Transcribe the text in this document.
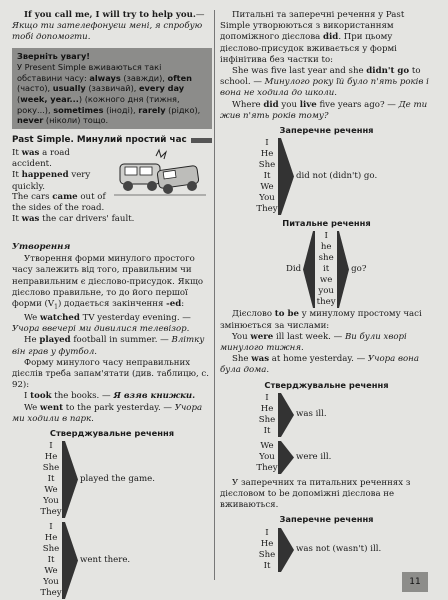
If you call me, I will try to help you.— Якщо ти зателефонуєш мені, я спробую тобі допомогти.

Зверніть увагу!
У Present Simple вживаються такі обставини часу: always (завжди), often (часто), usually (зазвичай), every day (week, year...) (кожного дня (тижня, року...), sometimes (іноді), rarely (рідко), never (ніколи) тощо.
Past Simple. Минулий простий час

It was a road accident.

It happened very quickly.

The cars came out of the sides of the road.

It was the car drivers' fault.

Утворення

Утворення форми минулого простого часу залежить від того, правильним чи неправильним є дієслово-присудок. Якщо дієслово правильне, то до його першої форми $(V_1)$ додається закінчення -ed:

We watched TV yesterday evening. — Учора ввечері ми дивилися телевізор.

He played football in summer. — Влітку він грав у футбол.

Форму минулого часу неправильних дієслів треба запам'ятати (див. таблицю, с. 92):

I took the books. — Я взяв книжки.

We went to the park yesterday. — Учора ми ходили в парк.

Стверджувальне речення
I
He
She
It
We
You
They
played the game.
I
He
She
It
We
You
They
went there.

Питальні та заперечні речення у Past Simple утворюються з використанням допоміжного дієслова did. При цьому дієслово-присудок вживається у формі інфінітива без частки to:

She was five last year and she didn't go to school. — Минулого року їй було п'ять років і вона не ходила до школи.

Where did you live five years ago? — Де ти жив п'ять років тому?

Заперечне речення
I
He
She
It
We
You
They
did not (didn't) go.
Питальне речення
Did
I
he
she
it
we
you
they
go?

Дієслово to be у минулому простому часі змінюється за числами:

You were ill last week. — Ви були хворі минулого тижня.

She was at home yesterday. — Учора вона була дома.

Стверджувальне речення
I
He
She
It
was ill.
We
You
They
were ill.

У заперечних та питальних реченнях з дієсловом to be допоміжні дієслова не вживаються.

Заперечне речення
I
He
She
It
was not (wasn't) ill.
11
